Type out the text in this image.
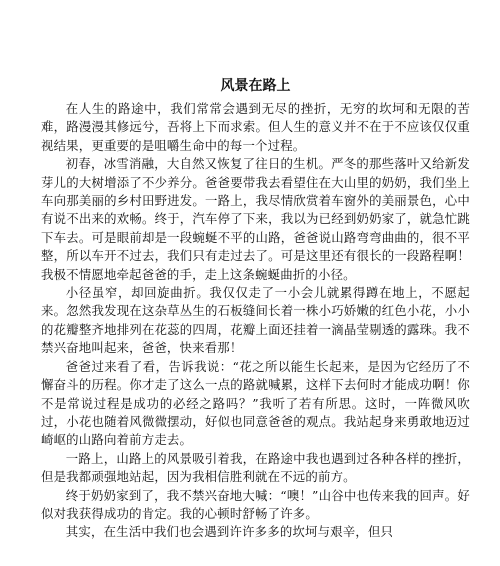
风景在路上

在人生的路途中，我们常常会遇到无尽的挫折，无穷的坎坷和无限的苦难，路漫漫其修远兮，吾将上下而求索。但人生的意义并不在于不应该仅仅重视结果，更重要的是咀嚼生命中的每一个过程。

初春，冰雪消融，大自然又恢复了往日的生机。严冬的那些落叶又给新发芽儿的大树增添了不少养分。爸爸要带我去看望住在大山里的奶奶，我们坐上车向那美丽的乡村田野进发。一路上，我尽情欣赏着车窗外的美丽景色，心中有说不出来的欢畅。终于，汽车停了下来，我以为已经到奶奶家了，就急忙跳下车去。可是眼前却是一段蜿蜒不平的山路，爸爸说山路弯弯曲曲的，很不平整，所以车开不过去，我们只有走过去了。可是这里还有很长的一段路程啊！我极不情愿地牵起爸爸的手，走上这条蜿蜒曲折的小径。

小径虽窄，却回旋曲折。我仅仅走了一小会儿就累得蹲在地上，不愿起来。忽然我发现在这杂草丛生的石板缝间长着一株小巧娇嫩的红色小花，小小的花瓣整齐地排列在花蕊的四周，花瓣上面还挂着一滴晶莹剔透的露珠。我不禁兴奋地叫起来，爸爸，快来看那！

爸爸过来看了看，告诉我说：“花之所以能生长起来，是因为它经历了不懈奋斗的历程。你才走了这么一点的路就喊累，这样下去何时才能成功啊！你不是常说过程是成功的必经之路吗？”我听了若有所思。这时，一阵微风吹过，小花也随着风微微摆动，好似也同意爸爸的观点。我站起身来勇敢地迈过崎岖的山路向着前方走去。

一路上，山路上的风景吸引着我，在路途中我也遇到过各种各样的挫折，但是我都顽强地站起，因为我相信胜利就在不远的前方。

终于奶奶家到了，我不禁兴奋地大喊：“噢！”山谷中也传来我的回声。好似对我获得成功的肯定。我的心顿时舒畅了许多。

其实，在生活中我们也会遇到许许多多的坎坷与艰辛，但只
